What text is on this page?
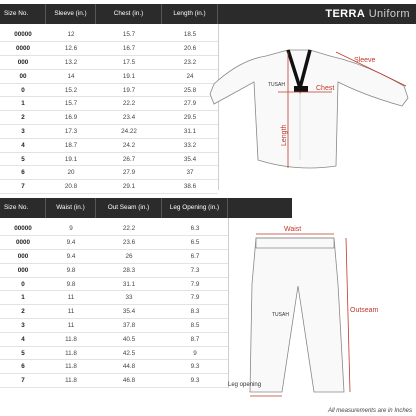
Size No.	Sleeve (in.)	Chest (in.)	Length (in.)	TERRA Uniform
00000	12	15.7	18.5
0000	12.6	16.7	20.6
000	13.2	17.5	23.2
00	14	19.1	24
0	15.2	19.7	25.8
1	15.7	22.2	27.9
2	16.9	23.4	29.5
3	17.3	24.22	31.1
4	18.7	24.2	33.2
5	19.1	26.7	35.4
6	20	27.9	37
7	20.8	29.1	38.6
TUSAH
Sleeve
Chest
Length
Size No.	Waist (in.)	Out Seam (in.)	Leg Opening (in.)
00000	9	22.2	6.3
0000	9.4	23.6	6.5
000	9.4	26	6.7
000	9.8	28.3	7.3
0	9.8	31.1	7.9
1	11	33	7.9
2	11	35.4	8.3
3	11	37.8	8.5
4	11.8	40.5	8.7
5	11.8	42.5	9
6	11.8	44.8	9.3
7	11.8	46.8	9.3
TUSAH
Waist
Outseam
Leg opening
All measurements are in Inches
